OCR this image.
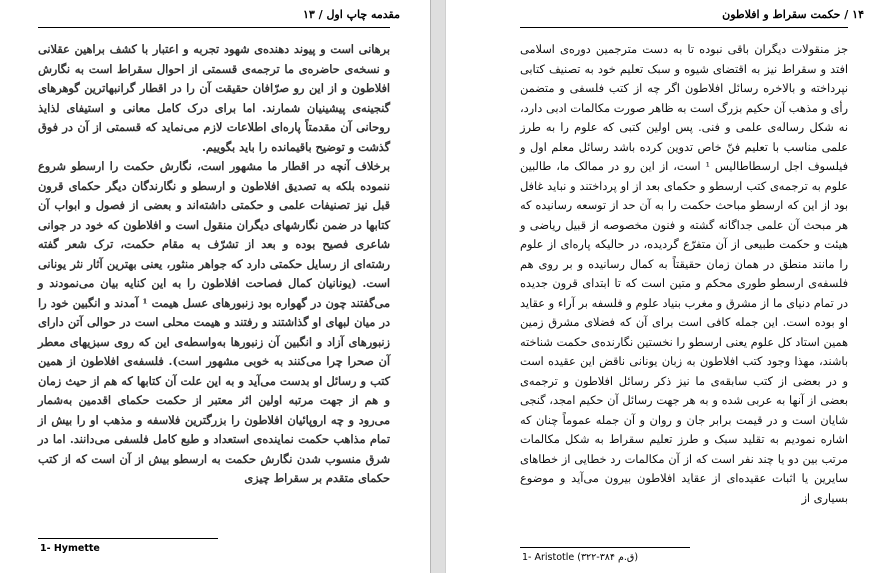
مقدمه چاپ اول / ۱۳

برهانی است و پیوند دهنده‌ی شهود تجربه و اعتبار با کشف براهین عقلانی و نسخه‌ی حاضره‌ی ما ترجمه‌ی قسمتی از احوال سقراط است به نگارش افلاطون و از این رو صرّافان حقیقت آن را در اقطار گرانبهاترین گوهرهای گنجینه‌ی پیشینیان شمارند. اما برای درک کامل معانی و استیفای لذایذ روحانی آن مقدمتاً پاره‌ای اطلاعات لازم می‌نماید که قسمتی از آن در فوق گذشت و توضیح باقیمانده را باید بگوییم.

برخلاف آنچه در اقطار ما مشهور است، نگارش حکمت را ارسطو شروع ننموده بلکه به تصدیق افلاطون و ارسطو و نگارندگان دیگر حکمای قرون قبل نیز تصنیفات علمی و حکمتی داشته‌اند و بعضی از فصول و ابواب آن کتابها در ضمن نگارشهای دیگران منقول است و افلاطون که خود در جوانی شاعری فصیح بوده و بعد از تشرّف به مقام حکمت، ترک شعر گفته رشته‌ای از رسایل حکمتی دارد که جواهر منثور، یعنی بهترین آثار نثر یونانی است. (یونانیان کمال فصاحت افلاطون را به این کنایه بیان می‌نمودند و می‌گفتند چون در گهواره بود زنبورهای عسل هیمت ¹ آمدند و انگبین خود را در میان لبهای او گذاشتند و رفتند و هیمت محلی است در حوالی آتن دارای زنبورهای آزاد و انگبین آن زنبورها به‌واسطه‌ی این که روی سبزیهای معطر آن صحرا چرا می‌کنند به خوبی مشهور است). فلسفه‌ی افلاطون از همین کتب و رسائل او بدست می‌آید و به این علت آن کتابها که هم از حیث زمان و هم از جهت مرتبه اولین اثر معتبر از حکمت حکمای اقدمین به‌شمار می‌رود و چه اروپائیان افلاطون را بزرگترین فلاسفه و مذهب او را بیش از تمام مذاهب حکمت نماینده‌ی استعداد و طبع کامل فلسفی می‌دانند. اما در شرق منسوب شدن نگارش حکمت به ارسطو بیش از آن است که از کتب حکمای متقدم بر سقراط چیزی

1- Hymette
۱۴ / حکمت سقراط و افلاطون

جز منقولات دیگران باقی نبوده تا به دست مترجمین دوره‌ی اسلامی افتد و سقراط نیز به اقتضای شیوه و سبک تعلیم خود به تصنیف کتابی نپرداخته و بالاخره رسائل افلاطون اگر چه از کتب فلسفی و متضمن رأی و مذهب آن حکیم بزرگ است به ظاهر صورت مکالمات ادبی دارد، نه شکل رساله‌ی علمی و فنی. پس اولین کتبی که علوم را به طرز علمی مناسب با تعلیم فنّ خاص تدوین کرده باشد رسائل معلم اول و فیلسوف اجل ارسطاطالیس ¹ است، از این رو در ممالک ما، طالبین علوم به ترجمه‌ی کتب ارسطو و حکمای بعد از او پرداختند و نباید غافل بود از این که ارسطو مباحث حکمت را به آن حد از توسعه رسانیده که هر مبحث آن علمی جداگانه گشته و فنون مخصوصه از قبیل ریاضی و هیئت و حکمت طبیعی از آن متفرّع گردیده، در حالیکه پاره‌ای از علوم را مانند منطق در همان زمان حقیقتاً به کمال رسانیده و بر روی هم فلسفه‌ی ارسطو طوری محکم و متین است که تا ابتدای قرون جدیده در تمام دنیای ما از مشرق و مغرب بنیاد علوم و فلسفه بر آراء و عقاید او بوده است. این جمله کافی است برای آن که فضلای مشرق زمین همین استاد کل علوم یعنی ارسطو را نخستین نگارنده‌ی حکمت شناخته باشند، مهذا وجود کتب افلاطون به زبان یونانی ناقض این عقیده است و در بعضی از کتب سابقه‌ی ما نیز ذکر رسائل افلاطون و ترجمه‌ی بعضی از آنها به عربی شده و به هر جهت رسائل آن حکیم امجد، گنجی شایان است و در قیمت برابر جان و روان و آن جمله عموماً چنان که اشاره نمودیم به تقلید سبک و طرز تعلیم سقراط به شکل مکالمات مرتب بین دو یا چند نفر است که از آن مکالمات رد خطایی از خطاهای سایرین یا اثبات عقیده‌ای از عقاید افلاطون بیرون می‌آید و موضوع بسیاری از

1- Aristotle (۳۲۲-۳۸۴ ق.م)
